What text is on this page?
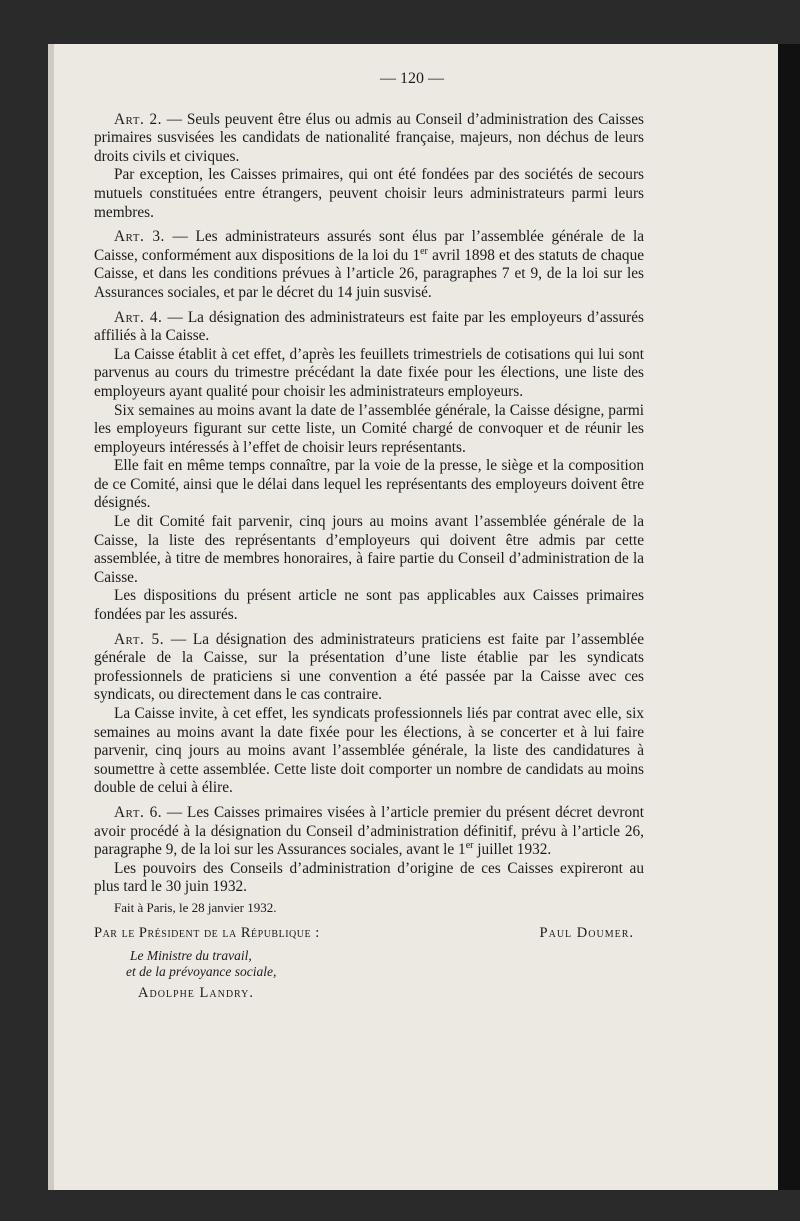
— 120 —

Art. 2. — Seuls peuvent être élus ou admis au Conseil d’administration des Caisses primaires susvisées les candidats de nationalité française, majeurs, non déchus de leurs droits civils et civiques.

Par exception, les Caisses primaires, qui ont été fondées par des sociétés de secours mutuels constituées entre étrangers, peuvent choisir leurs administrateurs parmi leurs membres.

Art. 3. — Les administrateurs assurés sont élus par l’assemblée générale de la Caisse, conformément aux dispositions de la loi du 1er avril 1898 et des statuts de chaque Caisse, et dans les conditions prévues à l’article 26, paragraphes 7 et 9, de la loi sur les Assurances sociales, et par le décret du 14 juin susvisé.

Art. 4. — La désignation des administrateurs est faite par les employeurs d’assurés affiliés à la Caisse.

La Caisse établit à cet effet, d’après les feuillets trimestriels de cotisations qui lui sont parvenus au cours du trimestre précédant la date fixée pour les élections, une liste des employeurs ayant qualité pour choisir les administrateurs employeurs.

Six semaines au moins avant la date de l’assemblée générale, la Caisse désigne, parmi les employeurs figurant sur cette liste, un Comité chargé de convoquer et de réunir les employeurs intéressés à l’effet de choisir leurs représentants.

Elle fait en même temps connaître, par la voie de la presse, le siège et la composition de ce Comité, ainsi que le délai dans lequel les représentants des employeurs doivent être désignés.

Le dit Comité fait parvenir, cinq jours au moins avant l’assemblée générale de la Caisse, la liste des représentants d’employeurs qui doivent être admis par cette assemblée, à titre de membres honoraires, à faire partie du Conseil d’administration de la Caisse.

Les dispositions du présent article ne sont pas applicables aux Caisses primaires fondées par les assurés.

Art. 5. — La désignation des administrateurs praticiens est faite par l’assemblée générale de la Caisse, sur la présentation d’une liste établie par les syndicats professionnels de praticiens si une convention a été passée par la Caisse avec ces syndicats, ou directement dans le cas contraire.

La Caisse invite, à cet effet, les syndicats professionnels liés par contrat avec elle, six semaines au moins avant la date fixée pour les élections, à se concerter et à lui faire parvenir, cinq jours au moins avant l’assemblée générale, la liste des candidatures à soumettre à cette assemblée. Cette liste doit comporter un nombre de candidats au moins double de celui à élire.

Art. 6. — Les Caisses primaires visées à l’article premier du présent décret devront avoir procédé à la désignation du Conseil d’administration définitif, prévu à l’article 26, paragraphe 9, de la loi sur les Assurances sociales, avant le 1er juillet 1932.

Les pouvoirs des Conseils d’administration d’origine de ces Caisses expireront au plus tard le 30 juin 1932.

Fait à Paris, le 28 janvier 1932.
Par le Président de la République :	Paul Doumer.
Le Ministre du travail,
et de la prévoyance sociale,
Adolphe Landry.
